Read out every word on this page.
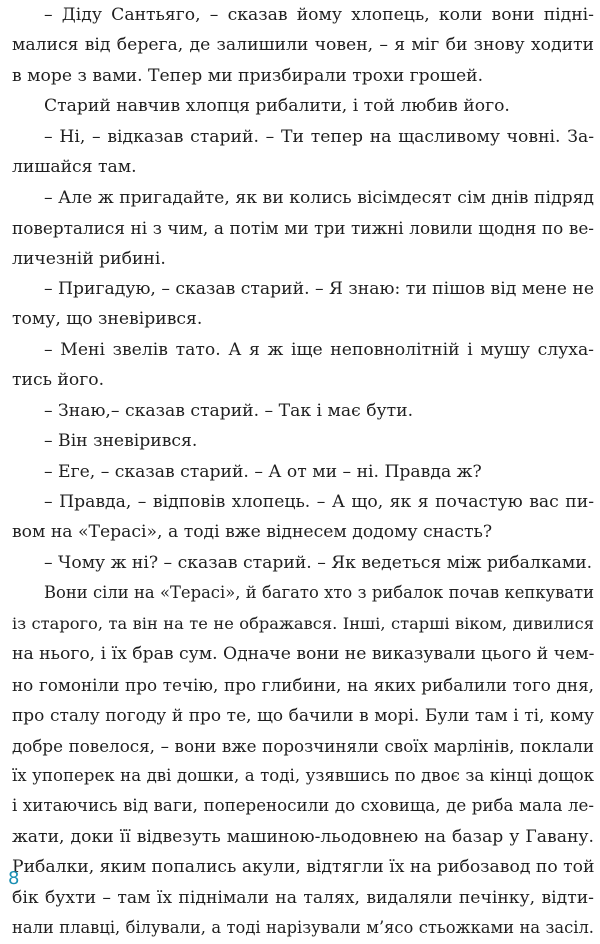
– Діду Сантьяго, – сказав йому хлопець, коли вони підні-
малися від берега, де залишили човен, – я міг би знову ходити
в море з вами. Тепер ми призбирали трохи грошей.
Старий навчив хлопця рибалити, і той любив його.
– Ні, – відказав старий. – Ти тепер на щасливому човні. За-
лишайся там.
– Але ж пригадайте, як ви колись вісімдесят сім днів підряд
поверталися ні з чим, а потім ми три тижні ловили щодня по ве-
личезній рибині.
– Пригадую, – сказав старий. – Я знаю: ти пішов від мене не
тому, що зневірився.
– Мені звелів тато. А я ж іще неповнолітній і мушу слуха-
тись його.
– Знаю,– сказав старий. – Так і має бути.
– Він зневірився.
– Еге, – сказав старий. – А от ми – ні. Правда ж?
– Правда, – відповів хлопець. – А що, як я почастую вас пи-
вом на «Терасі», а тоді вже віднесем додому снасть?
– Чому ж ні? – сказав старий. – Як ведеться між рибалками.
Вони сіли на «Терасі», й багато хто з рибалок почав кепкувати
із старого, та він на те не ображався. Інші, старші віком, дивилися
на нього, і їх брав сум. Одначе вони не виказували цього й чем-
но гомоніли про течію, про глибини, на яких рибалили того дня,
про сталу погоду й про те, що бачили в морі. Були там і ті, кому
добре повелося, – вони вже порозчиняли своїх марлінів, поклали
їх упоперек на дві дошки, а тоді, узявшись по двоє за кінці дощок
і хитаючись від ваги, попереносили до сховища, де риба мала ле-
жати, доки її відвезуть машиною-льодовнею на базар у Гавану.
Рибалки, яким попались акули, відтягли їх на рибозавод по той
бік бухти – там їх піднімали на талях, видаляли печінку, відти-
нали плавці, білували, а тоді нарізували м’ясо стьожками на засіл.
8
